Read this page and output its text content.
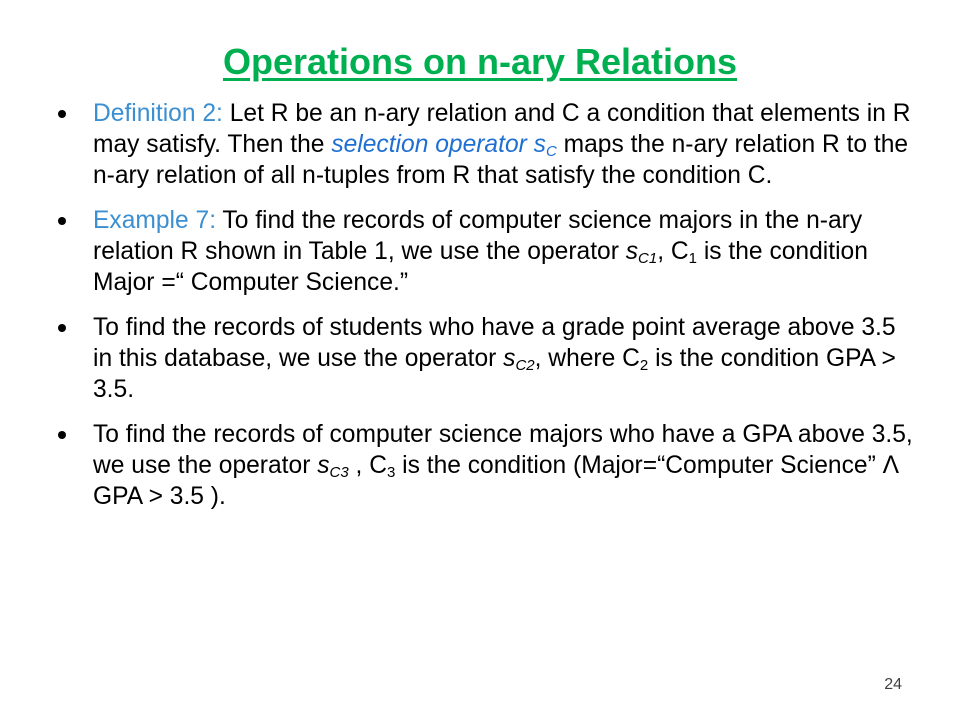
Operations on n-ary Relations
Definition 2: Let R be an n-ary relation and C a condition that elements in R may satisfy. Then the selection operator $s_C$ maps the n-ary relation R to the n-ary relation of all n-tuples from R that satisfy the condition C.
Example 7: To find the records of computer science majors in the n-ary relation R shown in Table 1, we use the operator $s_{C1}$, $C_1$ is the condition Major =“ Computer Science.”
To find the records of students who have a grade point average above 3.5 in this database, we use the operator $s_{C2}$, where $C_2$ is the condition GPA > 3.5.
To find the records of computer science majors who have a GPA above 3.5, we use the operator $s_{C3}$ , $C_3$ is the condition (Major=“Computer Science” Λ GPA > 3.5 ).
24
